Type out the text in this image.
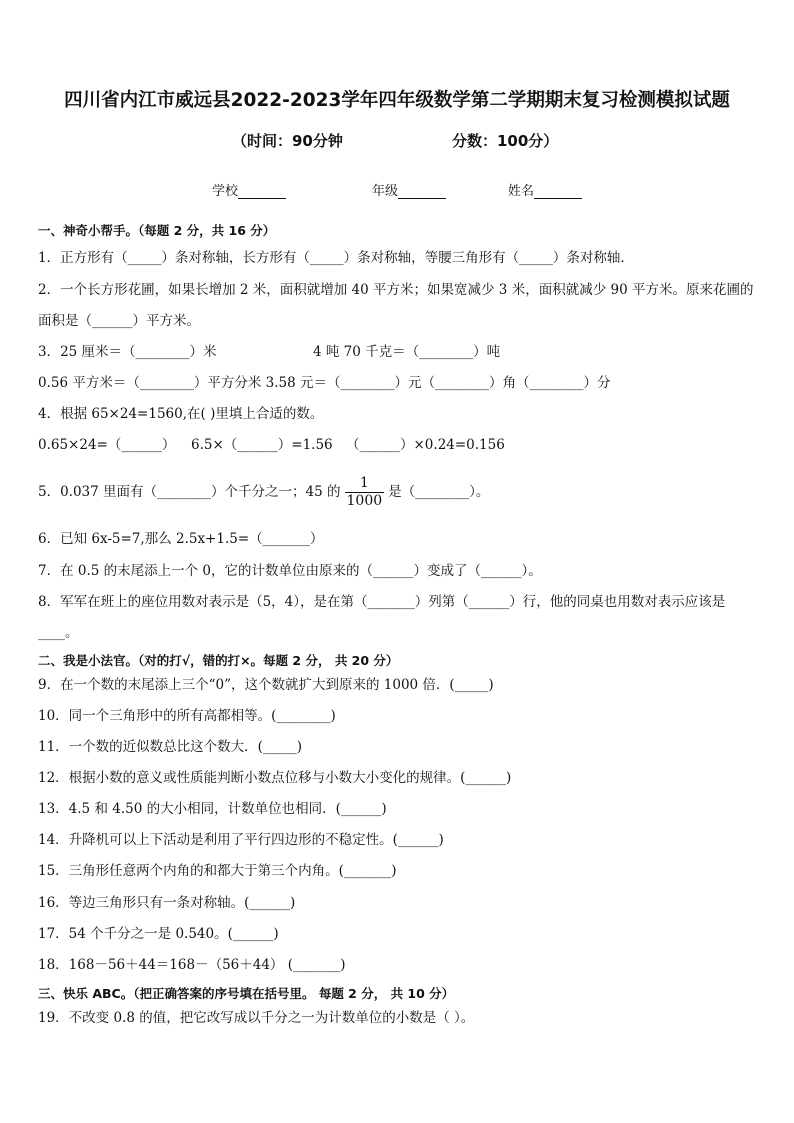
四川省内江市威远县2022-2023学年四年级数学第二学期期末复习检测模拟试题
（时间：90分钟	分数：100分）
学校	年级	姓名
一、神奇小帮手。（每题 2 分，共 16 分）
1．正方形有（_____）条对称轴，长方形有（_____）条对称轴，等腰三角形有（_____）条对称轴．
2．一个长方形花圃，如果长增加 2 米，面积就增加 40 平方米；如果宽减少 3 米，面积就减少 90 平方米。原来花圃的
面积是（______）平方米。
3．25 厘米＝（________）米	4 吨 70 千克＝（________）吨
0.56 平方米＝（________）平方分米 3.58 元＝（________）元（________）角（________）分
4．根据 65×24=1560,在( )里填上合适的数。
0.65×24=（______） 6.5×（______）=1.56 （______）×0.24=0.156
5．0.037 里面有（________）个千分之一；45 的 $\frac{1}{1000}$ 是（________）。
6．已知 6x-5=7,那么 2.5x+1.5=（_______）
7．在 0.5 的末尾添上一个 0，它的计数单位由原来的（______）变成了（______）。
8．军军在班上的座位用数对表示是（5，4），是在第（_______）列第（______）行，他的同桌也用数对表示应该是
____。
二、我是小法官。（对的打√，错的打×。每题 2 分， 共 20 分）
9．在一个数的末尾添上三个“0”，这个数就扩大到原来的 1000 倍．(_____)
10．同一个三角形中的所有高都相等。(________)
11．一个数的近似数总比这个数大．(_____)
12．根据小数的意义或性质能判断小数点位移与小数大小变化的规律。(______)
13．4.5 和 4.50 的大小相同，计数单位也相同．(______)
14．升降机可以上下活动是利用了平行四边形的不稳定性。(______)
15．三角形任意两个内角的和都大于第三个内角。(_______)
16．等边三角形只有一条对称轴。(______)
17．54 个千分之一是 0.540。(______)
18．168－56＋44＝168－（56＋44） (_______)
三、快乐 ABC。（把正确答案的序号填在括号里。 每题 2 分， 共 10 分）
19．不改变 0.8 的值，把它改写成以千分之一为计数单位的小数是（ ）。
